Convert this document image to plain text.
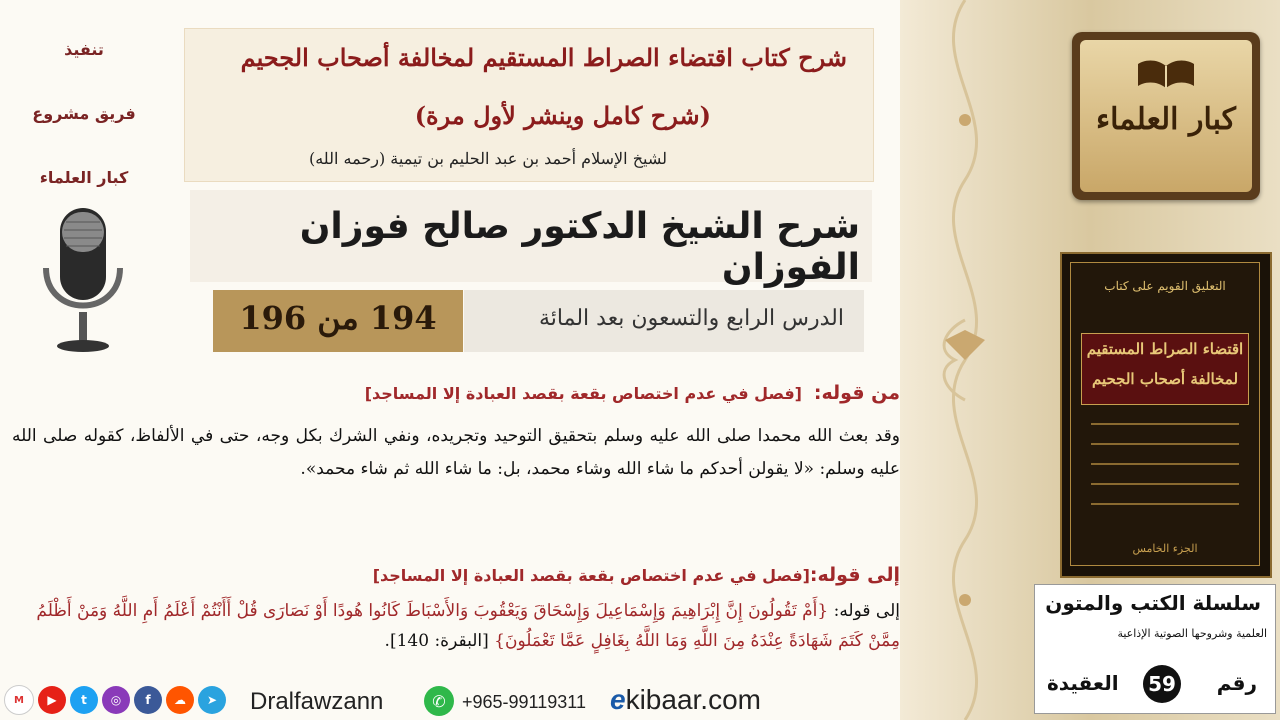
تنفيذ
فريق مشروع
كبار العلماء
شرح كتاب اقتضاء الصراط المستقيم لمخالفة أصحاب الجحيم
(شرح كامل وينشر لأول مرة)
لشيخ الإسلام أحمد بن عبد الحليم بن تيمية (رحمه الله)
شرح الشيخ الدكتور صالح فوزان الفوزان
الدرس الرابع والتسعون بعد المائة
194 من 196
من قوله:
[فصل في عدم اختصاص بقعة بقصد العبادة إلا المساجد]
وقد بعث الله محمدا صلى الله عليه وسلم بتحقيق التوحيد وتجريده، ونفي الشرك بكل وجه، حتى في الألفاظ، كقوله صلى الله عليه وسلم: «لا يقولن أحدكم ما شاء الله وشاء محمد، بل: ما شاء الله ثم شاء محمد».
إلى قوله:
[فصل في عدم اختصاص بقعة بقصد العبادة إلا المساجد]
إلى قوله: {أَمْ تَقُولُونَ إِنَّ إِبْرَاهِيمَ وَإِسْمَاعِيلَ وَإِسْحَاقَ وَيَعْقُوبَ وَالأَسْبَاطَ كَانُوا هُودًا أَوْ نَصَارَى قُلْ أَأَنْتُمْ أَعْلَمُ أَمِ اللَّهُ وَمَنْ أَظْلَمُ مِمَّنْ كَتَمَ شَهَادَةً عِنْدَهُ مِنَ اللَّهِ وَمَا اللَّهُ بِغَافِلٍ عَمَّا تَعْمَلُونَ} [البقرة: 140].
M	▶	t	◎	f	☁	➤	Dralfawzann	✆ +965-99119311 ekibaar.com
كبار العلماء
التعليق القويم على كتاب
اقتضاء الصراط المستقيم لمخالفة أصحاب الجحيم
الجزء الخامس
سلسلة الكتب والمتون
العلمية وشروحها الصوتية الإذاعية
رقم
59
العقيدة
